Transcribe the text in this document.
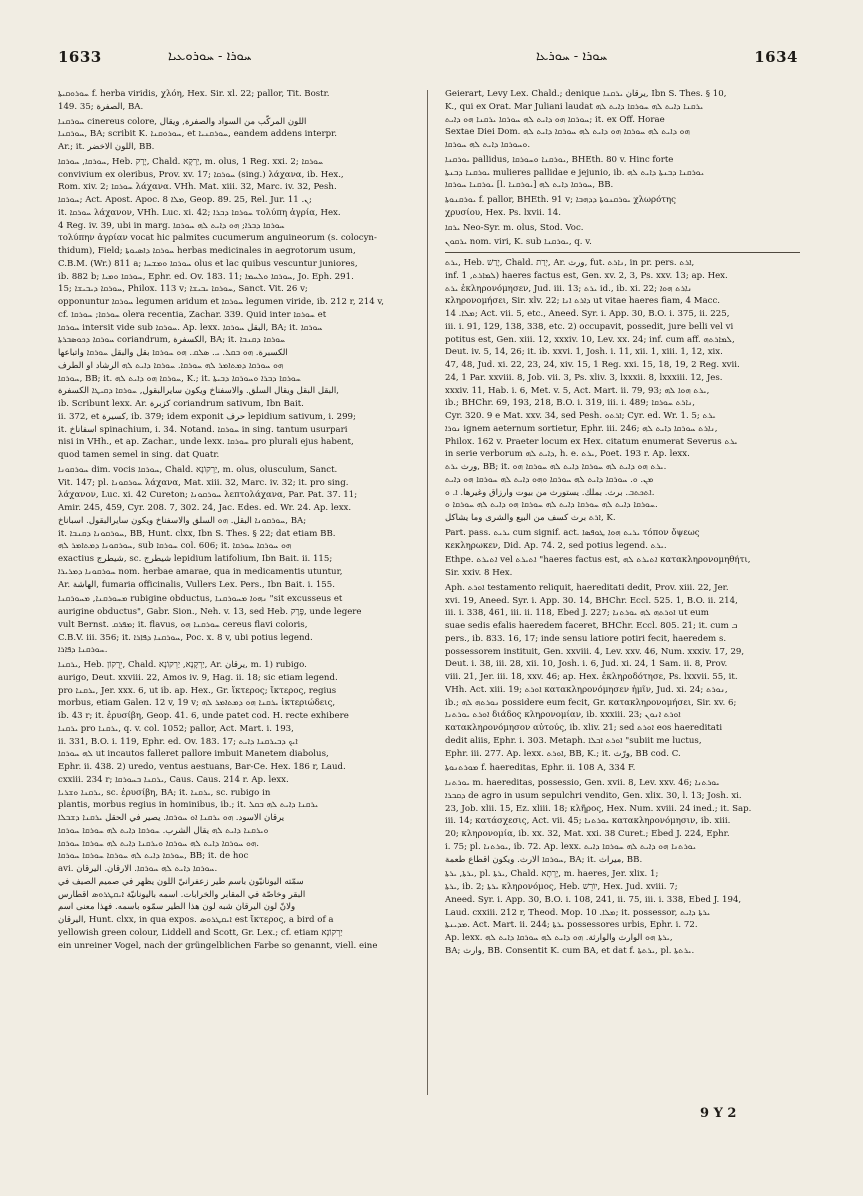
1633	ܚܘܪܐ - ܚܘܪܘܥܝܐ	ܚܘܪܐ - ܚܘܪܥܐ	1634

ܚܘܪܘܩܝܬܐ f. herba viridis, χλόη, Hex. Sir. xl. 22; pallor, Tit. Bostr.
149. 35; الصفرة, BA.

ܚܘܪܩܢܐ cinereus colore, اللون المركّب من السواد والصفرة, ويقال
ܚܘܪܩܢܐ, BA; scribit K. ܚܘܪܘܩܢܐ, et ܚܘܪܩܢܝܐ, eandem addens interpr.
Ar.; it. اللون الاخضر, BB.

ܚܘܪܩܐ, ܚܘܪܩܐ, Heb. יָרָק, Chald. יַרְקָא, m. olus, 1 Reg. xxi. 2; ܚܘܪܩܐ
convivium ex oleribus, Prov. xv. 17; ܚܘܪܩܐ (sing.) λάχανα, ib. Hex.,
Rom. xiv. 2; ܚܘܪܩܐ λάχανα. VHh. Mat. xiii. 32, Marc. iv. 32, Pesh.
ܚܘܪܩܐ; Act. Apost. Apoc. ܡܠܐ 8, Geop. 89. 25, Rel. Jur. ܢ. 11;
it. ܚܘܪܩܐ λάχανον, VHh. Luc. xi. 42; ܚܘܪܩܐ ܕܒܪܐ τολύπη ἀγρία, Hex.
4 Reg. iv. 39, ubi in marg. ܚܘܪܩܐ ܕܒܪܐ; ܗܘ ܕܐܝܬ ܠܗ ܚܘܪܩܐ
τολύπην ἀγρίαν vocat hic palmites cucumerum anguineorum (s. colocyn-
thidum), Field; ܚܘܪܩܐ ܕܐܣܝܘܬܐ herbas medicinales in aegrotorum usum,
C.B.M. (Wr.) 811 a; ܚܘܪܩܐ ܘܡܫܚܐ olus et lac quibus vescuntur juniores,
ib. 882 b; ܚܘܪܩܐ ܘܡܝܐ, Ephr. ed. Ov. 183. 11; ܚܘܪܩܐ ܘܠܚܡܐ, Jo. Eph. 291.
15; ܚܘܪܩܐ ܕܝܒܝܫܐ, Philox. 113 v; ܚܘܪܩܐ ܝܒܝܫܐ, Sanct. Vit. 26 v;
opponuntur ܚܘܪܩܐ legumen aridum et ܚܘܪܩܐ legumen viride, ib. 212 r, 214 v,
cf. ܚܘܪܩܐ; ܚܘܪܩܐ olera recentia, Zachar. 339. Quid inter ܚܘܪܩܐ et
ܚܘܪܩܐ intersit vide sub ܚܘܪܩܐ. Ap. lexx. البقل ܚܘܪܩܐ, BA; it. ܚܘܪܩܐ
ܚܘܪܩܐ ܕܟܘܣܒܪܬܐ coriandrum, الكسفرة, BA; it. ܚܘܪܩܐ ܕܩܢܒܐ
الكسبرة. ܗܘ ܒܩܠ. ܝ. ܣܠܩ. ܗܘ ܚܘܪܩܐ بقل والبقل ܚܘܪܩܐ واتباعها
ܗܘ ܚܘܪܩܐ ܕܡܬܐܡܪ ܠܗ ܚܘܪܩܐ. ܚܘܪܩܐ ܕܐܝܬ ܠܗ الرشاد او الطرف
ܚܘܪܩܐ, BB; it. ܚܘܪܩܐ ܗܘ ܕܐܝܬ ܠܗ, K.; it. ܚܘܪܩܐ ܕܒܪܐ ܘܚܘܪܩܐ ܕܒܝܬܐ
البقل البقل ويقال السلق. والاسفناخ ويكون سايرالبقول, ܚܘܪܩܐ ܕܩܝܛܐ الكسفرة,
ib. Scribunt lexx. Ar. كزبرة coriandrum sativum, Ibn Bait.
ii. 372, et كسيرة, ib. 379; idem exponit حرف lepidium sativum, i. 299;
it. اسفاناخ spinachium, i. 34. Notand. ܚܘܪܩܐ in sing. tantum usurpari
nisi in VHh., et ap. Zachar., unde lexx. ܚܘܪܩܐ pro plurali ejus habent,
quod tamen semel in sing. dat Quatr.

ܚܘܪܩܘܢܐ dim. vocis ܚܘܪܩܐ, Chald. יַרְקוֹנָא, m. olus, olusculum, Sanct.
Vit. 147; pl. ܚܘܪܩܘܢܐ λάχανα, Mat. xiii. 32, Marc. iv. 32; it. pro sing.
λάχανον, Luc. xi. 42 Cureton; ܚܘܪܩܘܢܐ λεπτολάχανα, Par. Pat. 37. 11;
Amir. 245, 459, Cyr. 208. 7, 302. 24, Jac. Edes. ed. Wr. 24. Ap. lexx.
ܚܘܪܩܘܢܐ البقل. ܗܘ السلق والاسفناخ ويكون سايرالبقول. اسباناخ, BA;
it. ܚܘܪܩܘܢܐ ܕܩܢܒܐ, BB, Hunt. clxx, Ibn S. Thes. § 22; dat etiam BB.
ܚܘܪܩܘܢܐ ܕܡܬܐܡܪ ܠܗ, sub ܚܘܪܩܐ col. 606; it. ܗܘ ܚܘܪܩܐ ܚܘܪܩܐ
exactius شيطرج, sc. شيطرج lepidium latifolium, Ibn Bait. ii. 115;
ܚܘܪܩܘܢܐ ܕܡܪܝܪܐ nom. herbae amarae, qua in medicamentis utuntur,
Ar. الهاشة, fumaria officinalis, Vullers Lex. Pers., Ibn Bait. i. 155.

ܡܚܘܪܩܢܐ, ܡܚܘܪܩܢܐ rubigine obductus, ܢܗܘܐ ܡܚܘܪܩܢܐ "sit excusseus et
aurigine obductus", Gabr. Sion., Neh. v. 13, sed Heb. פֶּרֶק, unde legere
vult Bernst. ܡܦܪܩ; it. flavus, ܚܘܪܩܢܐ ܗܘ cereus flavi coloris,
C.B.V. iii. 356; it. ܚܘܪܩܢܐ ܕܦܐܪܐ, Poc. x. 8 v, ubi potius legend.
ܚܘܪܩܢܐ ܕܦܐܪܐ.

ܝܪܩܢܐ, Heb. יֵרָקוֹן, Chald. יַרְקָנָא, יַרְקוֹנָא, Ar. يرقان, m. 1) rubigo.
aurigo, Deut. xxviii. 22, Amos iv. 9, Hag. ii. 18; sic etiam legend.
pro ܝܪܩܢܐ, Jer. xxx. 6, ut ib. ap. Hex., Gr. ἴκτερος; ἴκτερος, regius
morbus, etiam Galen. 12 v, 19 v; ܝܪܩܢܐ ܗܘ ܕܡܬܐܡܪ ܠܗ ἰκτεριώδεις,
ib. 43 r; it. ἐρυσίβη, Geop. 41. 6, unde patet cod. H. recte exhibere
ܝܪܩܢܐ pro ܝܪܩܢܐ, q. v. col. 1052; pallor, Act. Mart. i. 193,
ii. 331, B.O. i. 119, Ephr. ed. Ov. 183. 17; ܐܝܟ ܕܒܝܪܩܢܐ ܕܐܝܬ
ܠܗ ܚܘܪܩܐ ut incautos falleret pallore imbuit Manetem diabolus,
Ephr. ii. 438. 2) uredo, ventus aestuans, Bar-Ce. Hex. 186 r, Laud.
cxxiii. 234 r; ܝܪܩܢܐ ܒܚܘܪܩܐ, Caus. Caus. 214 r. Ap. lexx.
ܝܪܩܢܐ ܘܫܪܝܐ, sc. ἐρυσίβη, BA; it. ܝܪܩܢܐ, sc. rubigo in
plantis, morbus regius in hominibus, ib.; it. ܝܪܩܢܐ ܕܐܝܬ ܠܗ ܒܩܠ
يرقان الاسود. ܗܘ ܝܪܩܢܐ ܐܘ ܚܘܪܩܐ. يصير في الحقل ܝܪܩܢܐ ܕܫܒܠܐ
ܘܝܪܩܢܐ ܕܐܝܬ ܠܗ يقال الشرب. ܚܘܪܩܐ ܕܐܝܬ ܠܗ ܚܘܪܩܐ ܚܘܪܩܐ
ܗܘ ܚܘܪܩܐ ܕܐܝܬ ܠܗ ܚܘܪܩܐ ܘܝܪܩܢܐ ܕܐܝܬ ܠܗ ܚܘܪܩܐ ܚܘܪܩܐ.
ܚܘܪܩܐ ܕܐܝܬ ܠܗ ܚܘܪܩܐ ܚܘܪܩܐ ܚܘܪܩܐ, BB; it. de hoc
avi. ܚܘܪܩܐ ܕܐܝܬ ܠܗ ܚܘܪܩܐ. الارقان. اليرقان.
سمّته اليونانيّون باسم طير زعفرانيّ اللون يظهر في صميم الصيف في
البقر وخاصّة في المقابر والخرابات. اسمه باليونانيّة ܐܝܩܛܪܘܣ اقطارس
ولانّ لون اليرقان شبه لون هذا الطير سمّوه باسمه. فهذا معنى اسم
اليرقان, Hunt. clxx, in qua expos. ܐܝܩܛܪܘܣ est ἴκτερος, a bird of a
yellowish green colour, Liddell and Scott, Gr. Lex.; cf. etiam יַרְקוֹנָא
ein unreiner Vogel, nach der grüngelblichen Farbe so genannt, viell. eine

Geierart, Levy Lex. Chald.; denique يرقان ܝܪܩܢܐ, Ibn S. Thes. § 10,
K., qui ex Orat. Mar Juliani laudat ܝܪܩܢܐ ܕܐܝܬ ܠܗ ܚܘܪܩܐ ܕܐܝܬ ܠܗ
ܚܘܪܩܐ ܗܘ ܕܐܝܬ ܠܗ ܚܘܪܩܐ ܝܪܩܢܐ ܗܘ ܕܐܝܬ; it. ex Off. Horae
Sextae Diei Dom. ܗܘ ܕܐܝܬ ܠܗ ܚܘܪܩܐ ܗܘ ܕܐܝܬ ܠܗ ܚܘܪܩܐ ܕܐܝܬ ܠܗ
ܘܚܘܪܩܐ ܕܐܝܬ ܠܗ ܚܘܪܩܐ.

ܝܘܪܩܢܐ pallidus, ܝܘܪܩܢܐ ܘܚܘܪܩܐ, BHEth. 80 v. Hinc forte
ܝܘܪܩܢܐ ܕܒܢܬܐ mulieres pallidae e jejunio, ib. ܝܘܪܩܢܐ ܕܒܢܬܐ ܕܐܝܬ ܠܗ
ܝܘܪܩܢܐ ܚܘܪܩܐ [l. ܝܘܪܩܢܐ] ܚܘܪܩܐ ܕܐܝܬ ܠܗ, BB.

ܝܘܪܩܢܘܬܐ f. pallor, BHEth. 91 v; ܝܘܪܩܢܘܬܐ ܕܕܗܒܐ χλωρότης
χρυσίου, Hex. Ps. lxvii. 14.

ܝܪܩܐ Neo-Syr. m. olus, Stod. Voc.

ܝܪܩܘܢ nom. viri, K. sub ܝܘܪܩܢܐ, q. v.

ܝܪܬ, Heb. יָרַשׁ, Chald. יְרַת, Ar. ورث, fut. ܢܐܪܬ, in pr. pers. ܐܪܬ,
inf. ܠܡܐܪܬ, 1) haeres factus est, Gen. xv. 2, 3, Ps. xxv. 13; ap. Hex.
ܝܪܬ ἐκληρονόμησεν, Jud. iii. 13; ܝܪܬ id., ib. xi. 22; ܢܐܪܬ ܗܘܐ
κληρονομήσει, Sir. xlv. 22; ܕܐܪܬ ܐܢܐ ut vitae haeres fiam, 4 Macc.
ܡܠܐ. 14; Act. vii. 5, etc., Aneed. Syr. i. App. 30, B.O. i. 375, ii. 225,
iii. i. 91, 129, 138, 338, etc. 2) occupavit, possedit, jure belli vel vi
potitus est, Gen. xiii. 12, xxxiv. 10, Lev. xx. 24; inf. cum aff. ܠܡܐܪܬܗ,
Deut. iv. 5, 14, 26; it. ib. xxvi. 1, Josh. i. 11, xii. 1, xiii. 1, 12, xix.
47, 48, Jud. xi. 22, 23, 24, xiv. 15, 1 Reg. xxi. 15, 18, 19, 2 Reg. xvii.
24, 1 Par. xxviii. 8, Job. vii. 3, Ps. xliv. 3, lxxxii. 8, lxxxiii. 12, Jes.
xxxiv. 11, Hab. i. 6, Met. v. 5, Act. Mart. ii. 79, 93; ܝܪܬ ܗܘܐ ܠܗ,
ib.; BHChr. 69, 193, 218, B.O. i. 319, iii. i. 489; ܢܐܪܬ ܚܘܪܩܐ,
Cyr. 320. 9 e Mat. xxv. 34, sed Pesh. ܐܪܬܘ; Cyr. ed. Wr. 1. 5; ܝܪܬ
ܢܘܪܐ ignem aeternum sortietur, Ephr. iii. 246; ܢܐܪܬ ܚܘܪܩܐ ܕܐܝܬ ܠܗ,
Philox. 162 v. Praeter locum ex Hex. citatum enumerat Severus ܝܪܬ
in serie verborum ܕܐܝܬ ܠܗ, h. e. ܝܪܬ, Poet. 193 r. Ap. lexx.
ورث ܝܪܬ, BB; it. ܝܪܬ ܗܘ ܕܐܝܬ ܠܗ ܚܘܪܩܐ ܕܐܝܬ ܠܗ ܚܘܪܩܐ ܗܘ.
ܡܢ. ܘ. ܚܘܪܩܐ ܕܐܝܬ ܠܗ ܚܘܪܩܐ ܘܗܘ ܕܐܝܬ ܠܗ ܚܘܪܩܐ ܗܘ ܕܐܝܬ
ܐܬܟܬܒ. برث. بملك. يستورث من بيوت وارزاق وغيرها. ܐ. ܘ.
ܚܘܪܩܐ ܕܐܝܬ ܠܗ ܚܘܪܩܐ ܕܐܝܬ ܠܗ ܚܘܪܩܐ ܗܘ ܕܐܝܬ ܠܗ ܚܘܪܩܐ ܘ.
ܐܪܬ برث كسف من البيع والشرى وما يشاكل, K.

Part. pass. ܝܪܝܬ cum signif. act. ܝܪܝܬ ܗܘܐ ܛܘܦܣܐ τόπον ὄψεως
κεκληρωκεν, Did. Ap. 74. 2, sed potius legend. ܝܪܬ.

Ethpe. ܐܬܝܪܬ vel ܐܬܝܪܬ "haeres factus est, ܐܬܝܪܬ ܠܗ κατακληρονομηθήτι,
Sir. xxiv. 8 Hex.

Aph. ܐܘܪܬ testamento reliquit, haereditati dedit, Prov. xiii. 22, Jer.
xvi. 19, Aneed. Syr. i. App. 30. 14, BHChr. Eccl. 525. 1, B.O. ii. 214,
iii. i. 338, 461, iii. ii. 118, Ebed J. 227; ܐܘܪܬܗ ܠܗ ܝܘܪܬܢܐ ut eum
suae sedis efalis haeredem faceret, BHChr. Eccl. 805. 21; it. cum ܒ
pers., ib. 833. 16, 17; inde sensu latiore potiri fecit, haeredem s.
possessorem instituit, Gen. xxviii. 4, Lev. xxv. 46, Num. xxxiv. 17, 29,
Deut. i. 38, iii. 28, xii. 10, Josh. i. 6, Jud. xi. 24, 1 Sam. ii. 8, Prov.
viii. 21, Jer. iii. 18, xxv. 46; ap. Hex. ἐκληροδότησε, Ps. lxxvii. 55, it.
VHh. Act. xiii. 19; ܐܘܪܬ κατακληρονόμησεν ἡμῖν, Jud. xi. 24; ܢܘܪܬ,
ib.; ܢܘܪܬܗ ܠܗ possidere eum fecit, Gr. κατακληρονομήσει, Sir. xv. 6;
ܐܘܪܬ ܝܘܪܬܢܐ διάδος κληρονομίαν, ib. xxxiii. 23; ܐܘܪܬ ܐܢܘܢ
κατακληρονόμησον αὐτούς, ib. xliv. 21; sed ܐܘܪܬ eos haereditati
dedit aliis, Ephr. i. 303. Metaph. ܐܘܪܬ ܐܒܠܐ "subiit me luctus,
Ephr. iii. 277. Ap. lexx. ܐܘܪܬ, BB, K.; it. ورّث, BB cod. C.

ܡܘܪܬܢܘܬܐ f. haereditas, Ephr. ii. 108 A, 334 F.

ܝܘܪܬܢܐ m. haereditas, possessio, Gen. xvii. 8, Lev. xxv. 46; ܝܘܪܬܢܐ
ܕܩܒܪܐ de agro in usum sepulchri vendito, Gen. xlix. 30, l. 13; Josh. xi.
23, Job. xlii. 15, Ez. xliii. 18; κλῆρος, Hex. Num. xviii. 24 ined.; it. Sap.
iii. 14; κατάσχεσις, Act. vii. 45; ܝܘܪܬܢܐ κατακληρονόμησιν, ib. xiii.
20; κληρονομία, ib. xx. 32, Mat. xxi. 38 Curet.; Ebed J. 224, Ephr.
i. 75; pl. ܝܘܪܬܢܐ, ib. 72. Ap. lexx. ܝܘܪܬܢܐ ܗܘ ܕܐܝܬ ܠܗ ܚܘܪܩܐ ܕܐܝܬ
ܚܘܪܩܐ الارث. ويكون اقطاع طعمة, BA; it. ميراث, BB.

ܝܪܬܐ, ܝܪܬܐ, pl. ܝܪܬܐ, Chald. יָרְתָא, m. haeres, Jer. xlix. 1;
ܝܪܬܐ, ib. 2; ܝܪܬܐ κληρονόμος, Heb. יוֹרֵשׁ, Hex. Jud. xviii. 7;
Aneed. Syr. i. App. 30, B.O. i. 108, 241, ii. 75, iii. i. 338, Ebed J. 194,
Laud. cxxiii. 212 r, Theod. Mop. ܡܠܐ. 10; it. possessor, ܝܪܬܐ ܕܐܝܬ
ܡܕܝܢܬܐ. Act. Mart. ii. 244; ܝܪܬܐ possessores urbis, Ephr. i. 72.
Ap. lexx. ܝܪܬܐ ܗܘ الوارث والوارثة. ܗܘ ܕܐܝܬ ܠܗ ܚܘܪܩܐ ܕܐܝܬ ܠܗ,
BA; وارث, BB. Consentit K. cum BA, et dat f. ܝܪܬܬܐ, pl. ܝܪܬܬܐ.

9 Y 2
